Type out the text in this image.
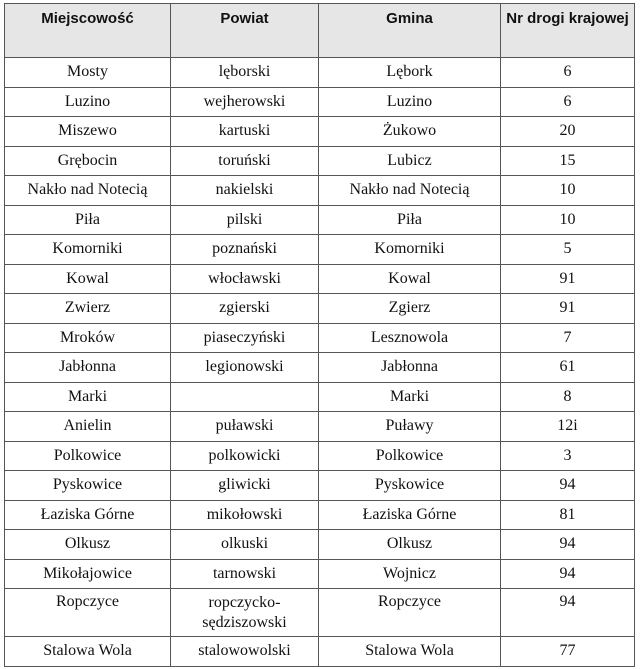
Miejscowość	Powiat	Gmina	Nr drogi krajowej
Mosty	lęborski	Lębork	6
Luzino	wejherowski	Luzino	6
Miszewo	kartuski	Żukowo	20
Grębocin	toruński	Lubicz	15
Nakło nad Notecią	nakielski	Nakło nad Notecią	10
Piła	pilski	Piła	10
Komorniki	poznański	Komorniki	5
Kowal	włocławski	Kowal	91
Zwierz	zgierski	Zgierz	91
Mroków	piaseczyński	Lesznowola	7
Jabłonna	legionowski	Jabłonna	61
Marki		Marki	8
Anielin	puławski	Puławy	12i
Polkowice	polkowicki	Polkowice	3
Pyskowice	gliwicki	Pyskowice	94
Łaziska Górne	mikołowski	Łaziska Górne	81
Olkusz	olkuski	Olkusz	94
Mikołajowice	tarnowski	Wojnicz	94
Ropczyce	ropczycko-sędziszowski	Ropczyce	94
Stalowa Wola	stalowowolski	Stalowa Wola	77
